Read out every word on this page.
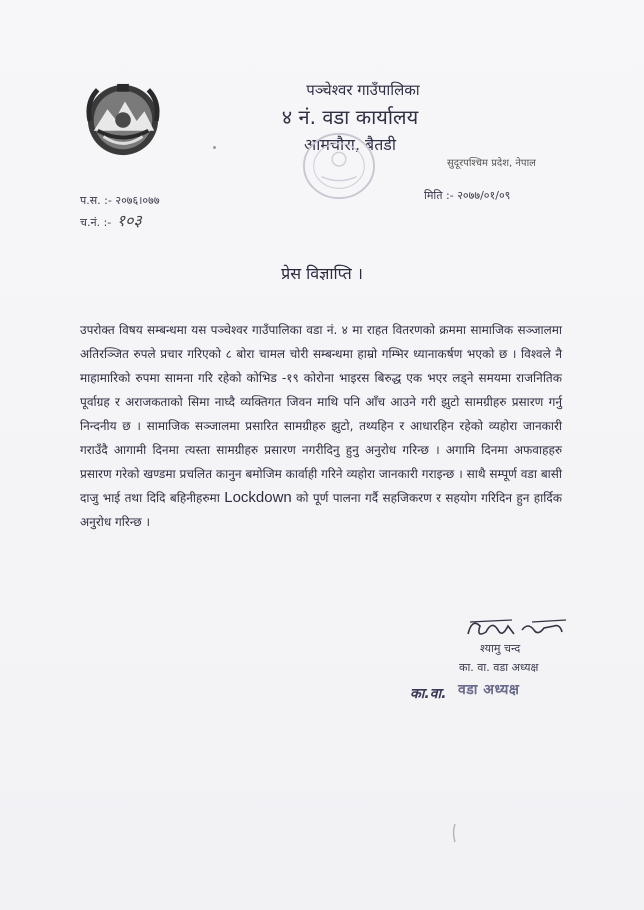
पञ्चेश्वर गाउँपालिका
४ नं. वडा कार्यालय
आमचौरा, बैतडी
सुदूरपश्चिम प्रदेश, नेपाल
प.स. :- २०७६।०७७
च.नं. :- १०३
मिति :- २०७७/०१/०९
प्रेस विज्ञाप्ति ।
उपरोक्त विषय सम्बन्धमा यस पञ्चेश्वर गाउँपालिका वडा नं. ४ मा राहत वितरणको क्रममा सामाजिक सञ्जालमा अतिरञ्जित रुपले प्रचार गरिएको ८ बोरा चामल चोरी सम्बन्धमा हाम्रो गम्भिर ध्यानाकर्षण भएको छ । विश्वले नै माहामारिको रुपमा सामना गरि रहेको कोभिड -१९ कोरोना भाइरस बिरुद्ध एक भएर लड्ने समयमा राजनितिक पूर्वाग्रह र अराजकताको सिमा नाघ्दै व्यक्तिगत जिवन माथि पनि आँच आउने गरी झुटो सामग्रीहरु प्रसारण गर्नु निन्दनीय छ । सामाजिक सञ्जालमा प्रसारित सामग्रीहरु झुटो, तथ्यहिन र आधारहिन रहेको व्यहोरा जानकारी गराउँदै आगामी दिनमा त्यस्ता सामग्रीहरु प्रसारण नगरीदिनु हुनु अनुरोध गरिन्छ । अगामि दिनमा अफवाहहरु प्रसारण गरेको खण्डमा प्रचलित कानुन बमोजिम कार्वाही गरिने व्यहोरा जानकारी गराइन्छ । साथै सम्पूर्ण वडा बासी दाजु भाई तथा दिदि बहिनीहरुमा Lockdown को पूर्ण पालना गर्दै सहजिकरण र सहयोग गरिदिन हुन हार्दिक अनुरोध गरिन्छ ।
श्यामु चन्द
का. वा. वडा अध्यक्ष
का.वा. वडा अध्यक्ष
